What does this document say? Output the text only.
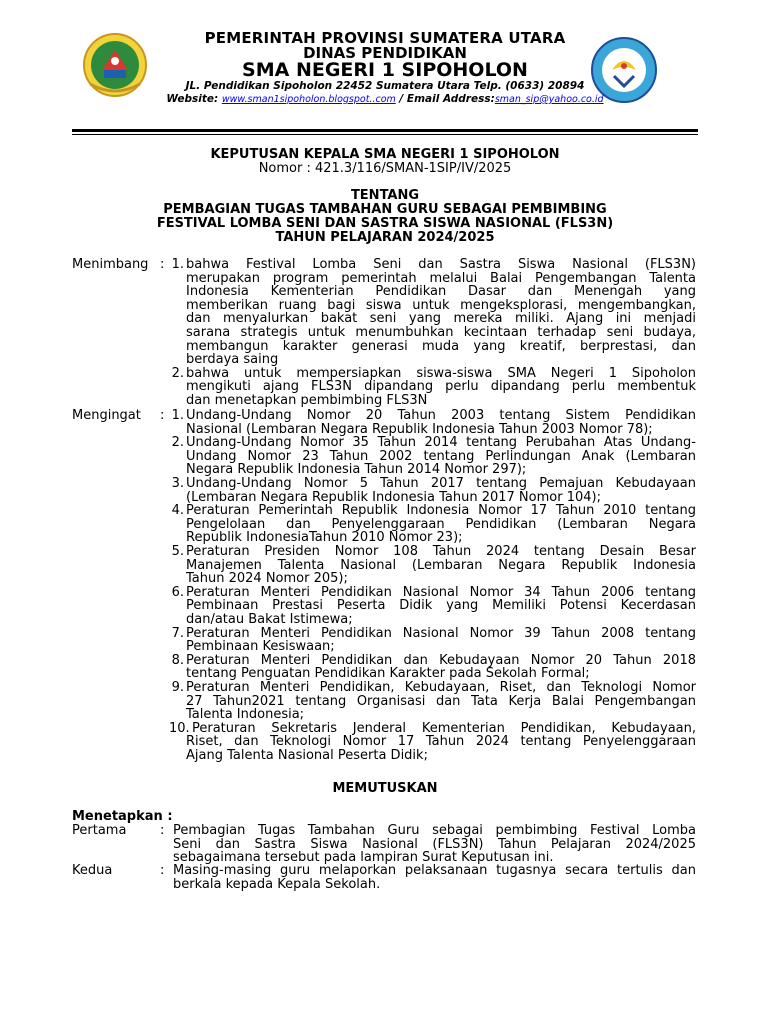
PEMERINTAH PROVINSI SUMATERA UTARA
DINAS PENDIDIKAN
SMA NEGERI 1 SIPOHOLON
JL. Pendidikan Sipoholon 22452 Sumatera Utara Telp. (0633) 20894
Website: www.sman1sipoholon.blogspot..com / Email Address:sman_sip@yahoo.co.id
KEPUTUSAN KEPALA SMA NEGERI 1 SIPOHOLON
Nomor : 421.3/116/SMAN-1SIP/IV/2025
TENTANG
PEMBAGIAN TUGAS TAMBAHAN GURU SEBAGAI PEMBIMBING
FESTIVAL LOMBA SENI DAN SASTRA SISWA NASIONAL (FLS3N)
TAHUN PELAJARAN 2024/2025
Menimbang : 1. bahwa Festival Lomba Seni dan Sastra Siswa Nasional (FLS3N)
merupakan program pemerintah melalui Balai Pengembangan Talenta
Indonesia Kementerian Pendidikan Dasar dan Menengah yang
memberikan ruang bagi siswa untuk mengeksplorasi, mengembangkan,
dan menyalurkan bakat seni yang mereka miliki. Ajang ini menjadi
sarana strategis untuk menumbuhkan kecintaan terhadap seni budaya,
membangun karakter generasi muda yang kreatif, berprestasi, dan
berdaya saing
2. bahwa untuk mempersiapkan siswa-siswa SMA Negeri 1 Sipoholon
mengikuti ajang FLS3N dipandang perlu dipandang perlu membentuk
dan menetapkan pembimbing FLS3N
Mengingat : 1. Undang-Undang Nomor 20 Tahun 2003 tentang Sistem Pendidikan
Nasional (Lembaran Negara Republik Indonesia Tahun 2003 Nomor 78);
2. Undang-Undang Nomor 35 Tahun 2014 tentang Perubahan Atas Undang-
Undang Nomor 23 Tahun 2002 tentang Perlindungan Anak (Lembaran
Negara Republik Indonesia Tahun 2014 Nomor 297);
3. Undang-Undang Nomor 5 Tahun 2017 tentang Pemajuan Kebudayaan
(Lembaran Negara Republik Indonesia Tahun 2017 Nomor 104);
4. Peraturan Pemerintah Republik Indonesia Nomor 17 Tahun 2010 tentang
Pengelolaan dan Penyelenggaraan Pendidikan (Lembaran Negara
Republik IndonesiaTahun 2010 Nomor 23);
5. Peraturan Presiden Nomor 108 Tahun 2024 tentang Desain Besar
Manajemen Talenta Nasional (Lembaran Negara Republik Indonesia
Tahun 2024 Nomor 205);
6. Peraturan Menteri Pendidikan Nasional Nomor 34 Tahun 2006 tentang
Pembinaan Prestasi Peserta Didik yang Memiliki Potensi Kecerdasan
dan/atau Bakat Istimewa;
7. Peraturan Menteri Pendidikan Nasional Nomor 39 Tahun 2008 tentang
Pembinaan Kesiswaan;
8. Peraturan Menteri Pendidikan dan Kebudayaan Nomor 20 Tahun 2018
tentang Penguatan Pendidikan Karakter pada Sekolah Formal;
9. Peraturan Menteri Pendidikan, Kebudayaan, Riset, dan Teknologi Nomor
27 Tahun2021 tentang Organisasi dan Tata Kerja Balai Pengembangan
Talenta Indonesia;
10. Peraturan Sekretaris Jenderal Kementerian Pendidikan, Kebudayaan,
Riset, dan Teknologi Nomor 17 Tahun 2024 tentang Penyelenggaraan
Ajang Talenta Nasional Peserta Didik;
Pertama	: Pembagian Tugas Tambahan Guru sebagai pembimbing Festival Lomba
Seni dan Sastra Siswa Nasional (FLS3N) Tahun Pelajaran 2024/2025
sebagaimana tersebut pada lampiran Surat Keputusan ini.
Kedua	: Masing-masing guru melaporkan pelaksanaan tugasnya secara tertulis dan
berkala kepada Kepala Sekolah.
MEMUTUSKAN
Menetapkan :
